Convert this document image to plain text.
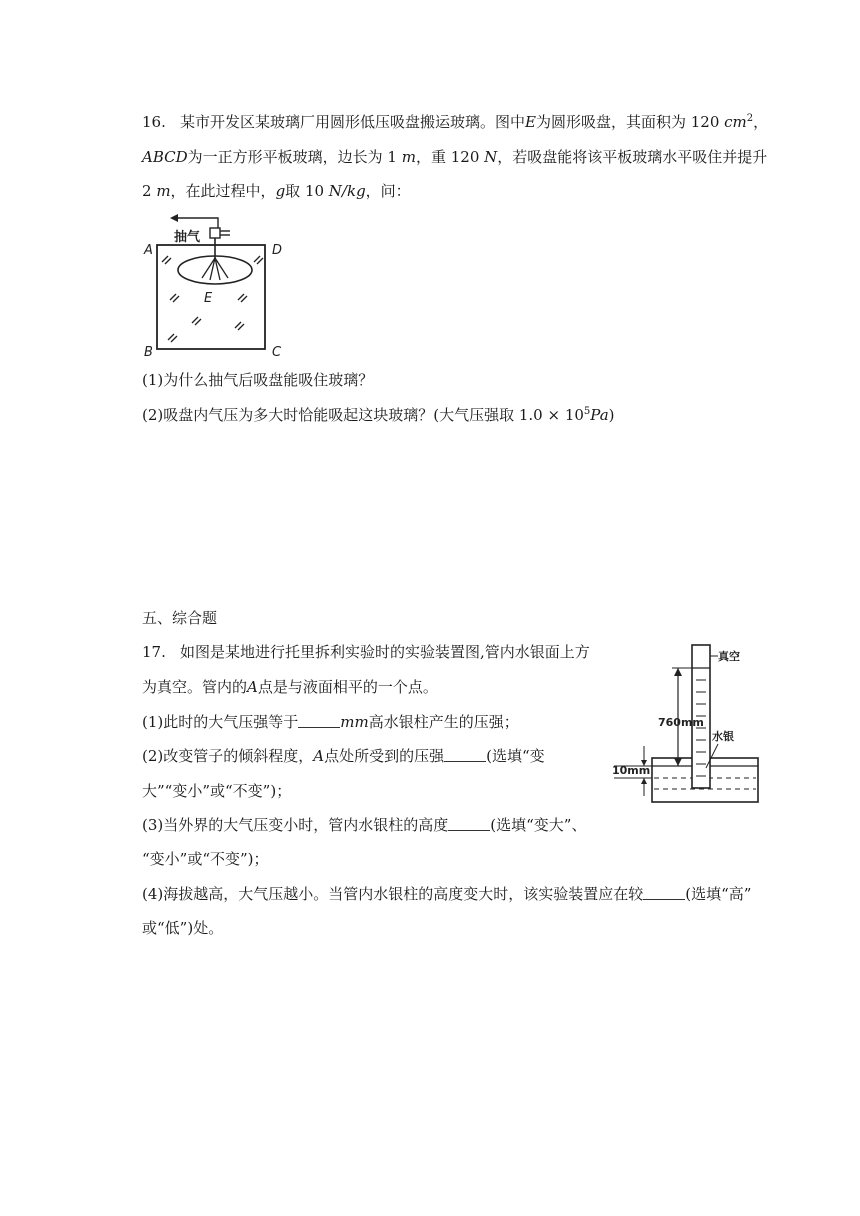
16. 某市开发区某玻璃厂用圆形低压吸盘搬运玻璃。图中E为圆形吸盘，其面积为 120 $cm^2$，
ABCD为一正方形平板玻璃，边长为 1 m，重 120 N，若吸盘能将该平板玻璃水平吸住并提升
2 m，在此过程中，g取 10 N/kg，问：
抽气
A	D
E
B	C
(1)为什么抽气后吸盘能吸住玻璃？
(2)吸盘内气压为多大时恰能吸起这块玻璃？(大气压强取 $1.0 \times 10^5Pa$)
五、综合题
17. 如图是某地进行托里拆利实验时的实验装置图,管内水银面上方
为真空。管内的A点是与液面相平的一个点。
(1)此时的大气压强等于	mm高水银柱产生的压强；
(2)改变管子的倾斜程度，A点处所受到的压强	(选填“变
大”“变小”或“不变”)；
(3)当外界的大气压变小时，管内水银柱的高度	(选填“变大”、
“变小”或“不变”)；
(4)海拔越高，大气压越小。当管内水银柱的高度变大时，该实验装置应在较	(选填“高”
或“低”)处。
真空
760mm
水银
10mm
